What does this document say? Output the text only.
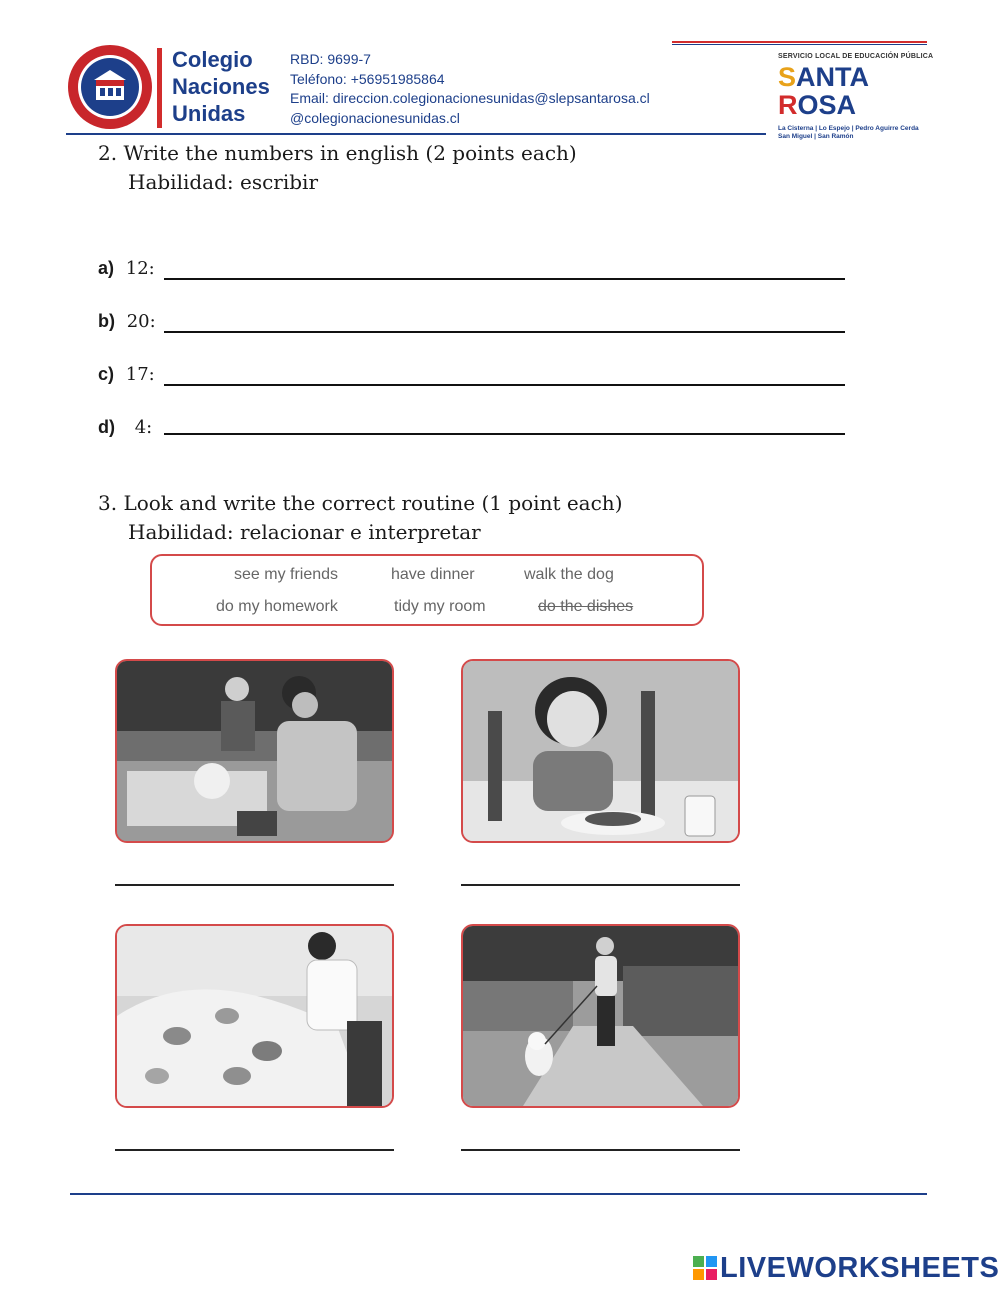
Colegio
Naciones
Unidas
RBD: 9699-7
Teléfono: +56951985864
Email: direccion.colegionacionesunidas@slepsantarosa.cl
@colegionacionesunidas.cl
SERVICIO LOCAL DE EDUCACIÓN PÚBLICA
SANTA
ROSA
La Cisterna | Lo Espejo | Pedro Aguirre Cerda
San Miguel | San Ramón
2. Write the numbers in english (2 points each)
Habilidad: escribir
a) 12:
b) 20:
c) 17:
d) 4:
3. Look and write the correct routine (1 point each)
Habilidad: relacionar e interpretar
see my friends	have dinner	walk the dog
do my homework	tidy my room	do the dishes
LIVEWORKSHEETS
